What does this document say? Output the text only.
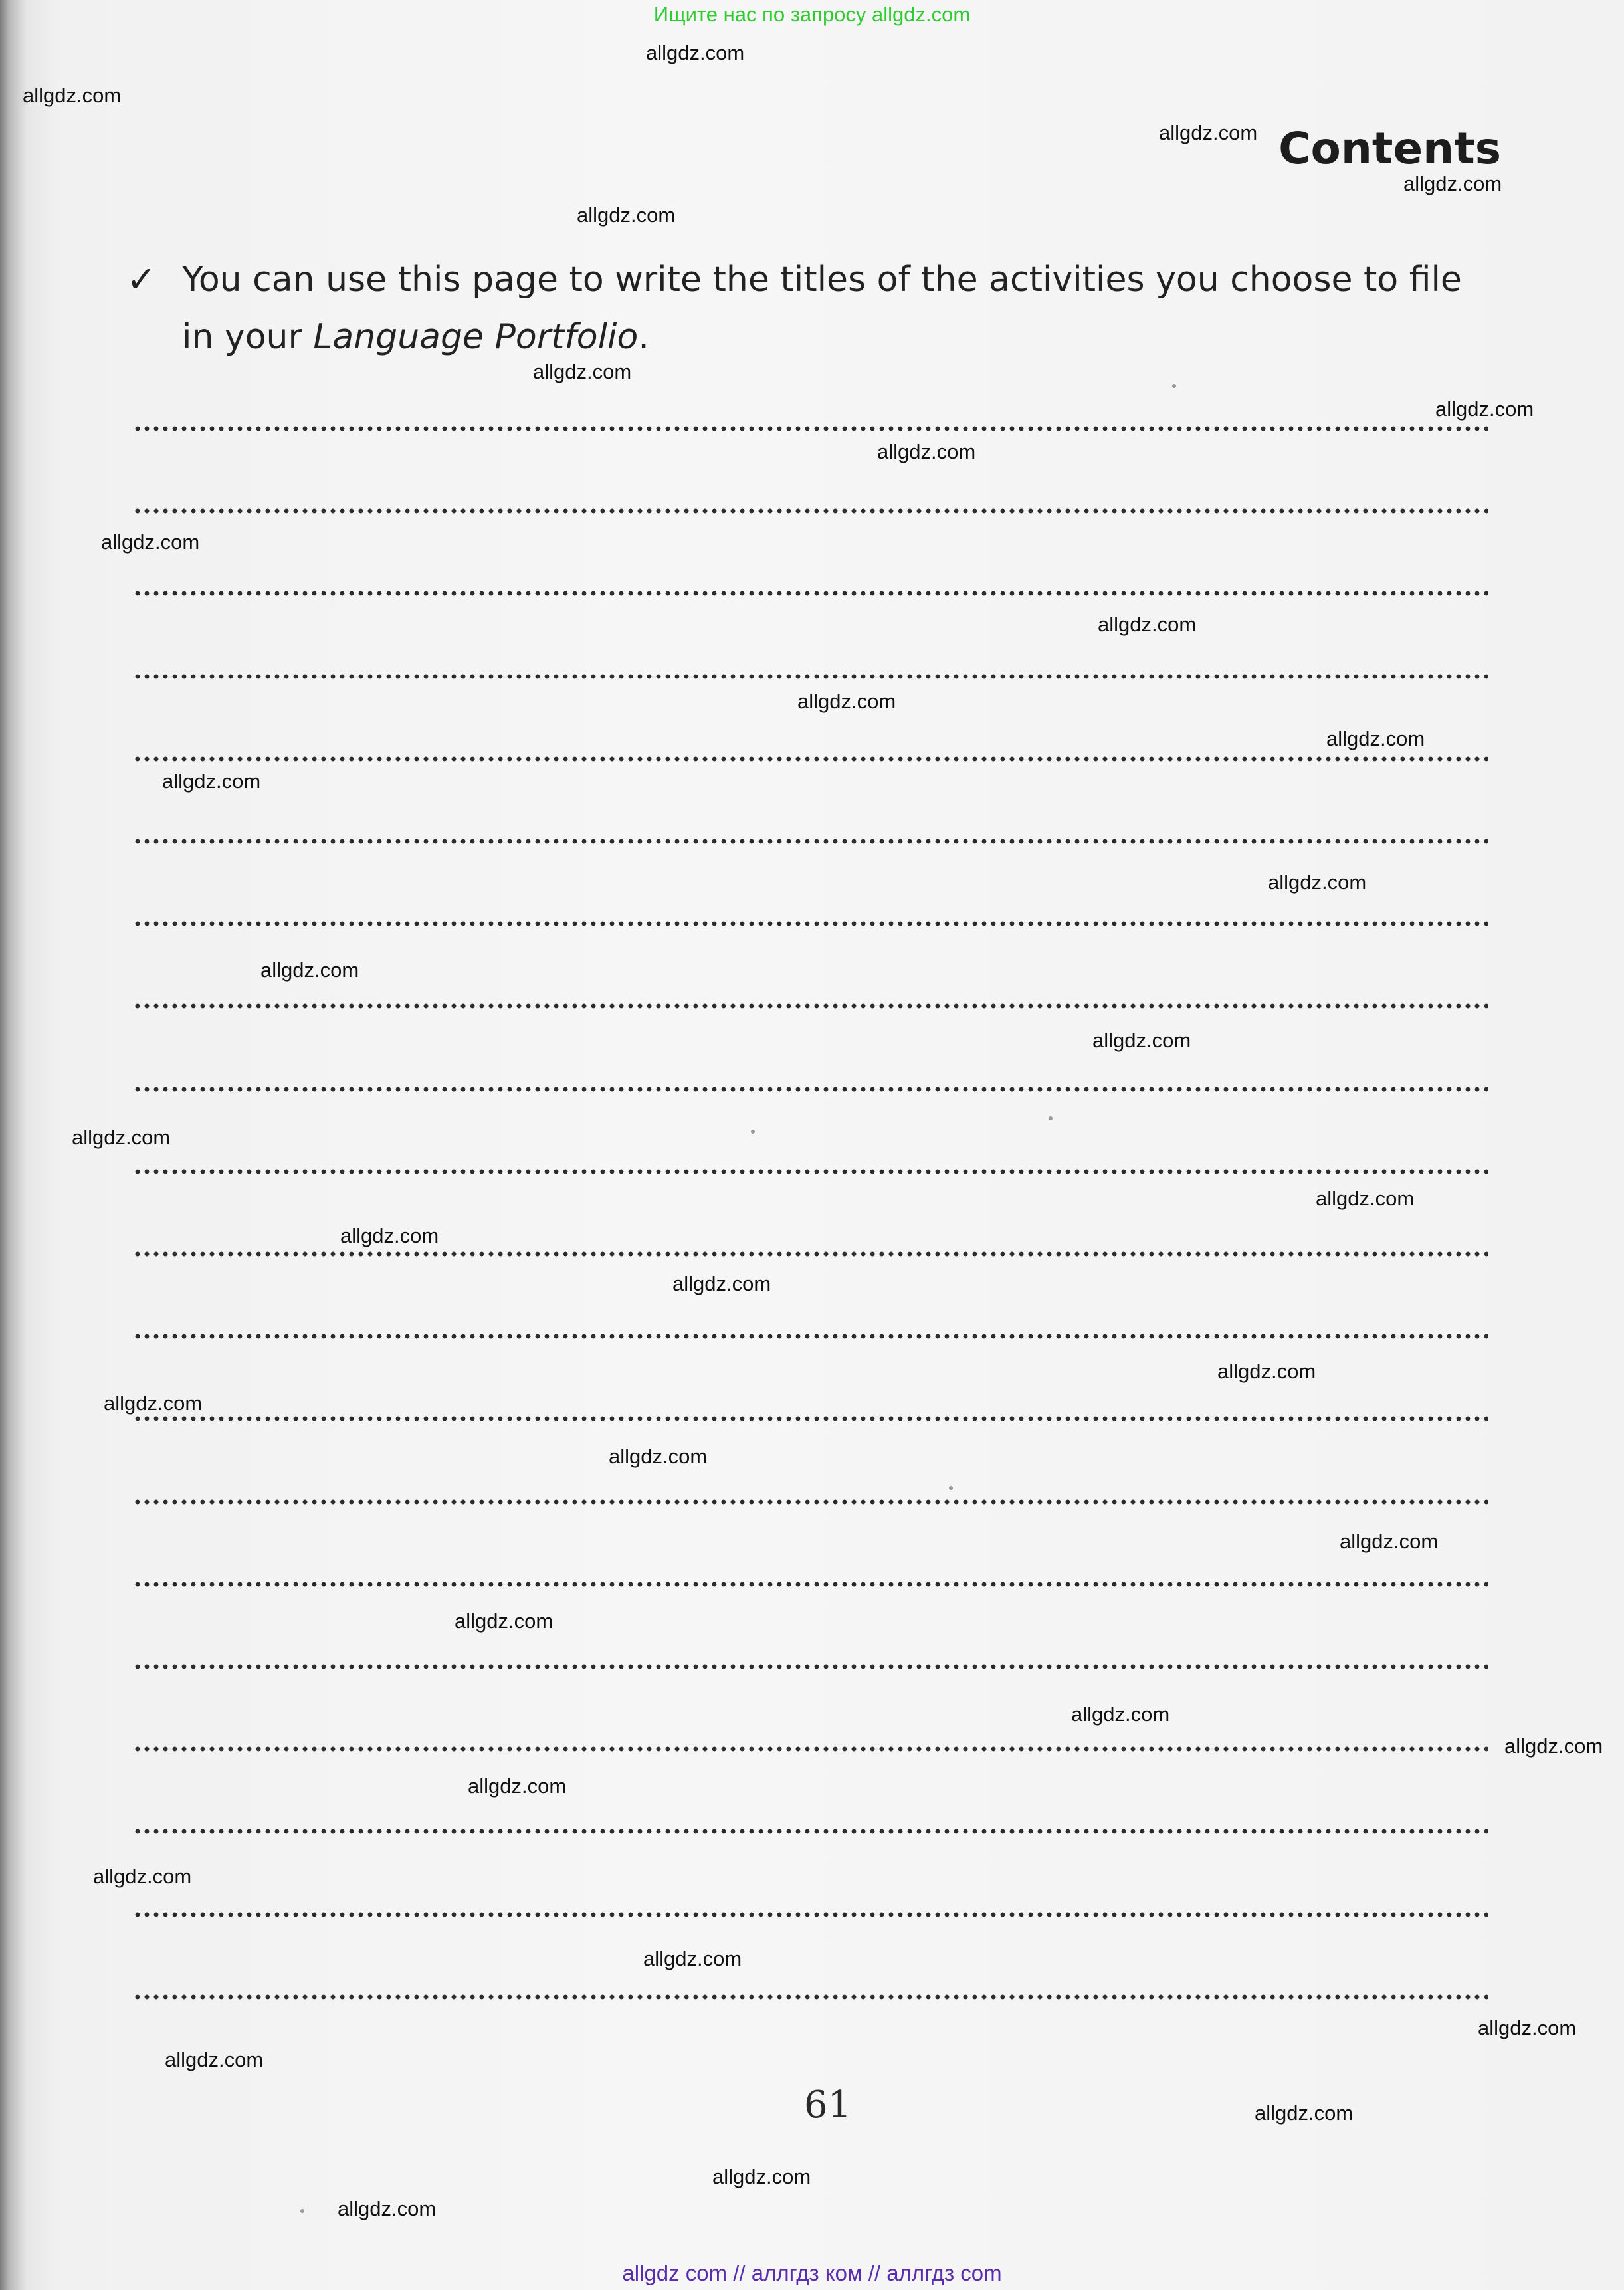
Ищите нас по запросу allgdz.com
Contents
✓ You can use this page to write the titles of the activities you choose to file in your Language Portfolio.
61
allgdz.com
allgdz.com
allgdz.com
allgdz.com
allgdz.com
allgdz.com
allgdz.com
allgdz.com
allgdz.com
allgdz.com
allgdz.com
allgdz.com
allgdz.com
allgdz.com
allgdz.com
allgdz.com
allgdz.com
allgdz.com
allgdz.com
allgdz.com
allgdz.com
allgdz.com
allgdz.com
allgdz.com
allgdz.com
allgdz.com
allgdz.com
allgdz.com
allgdz.com
allgdz.com
allgdz.com
allgdz.com
allgdz.com
allgdz.com
allgdz.com
allgdz com // аллгдз ком // аллгдз com
